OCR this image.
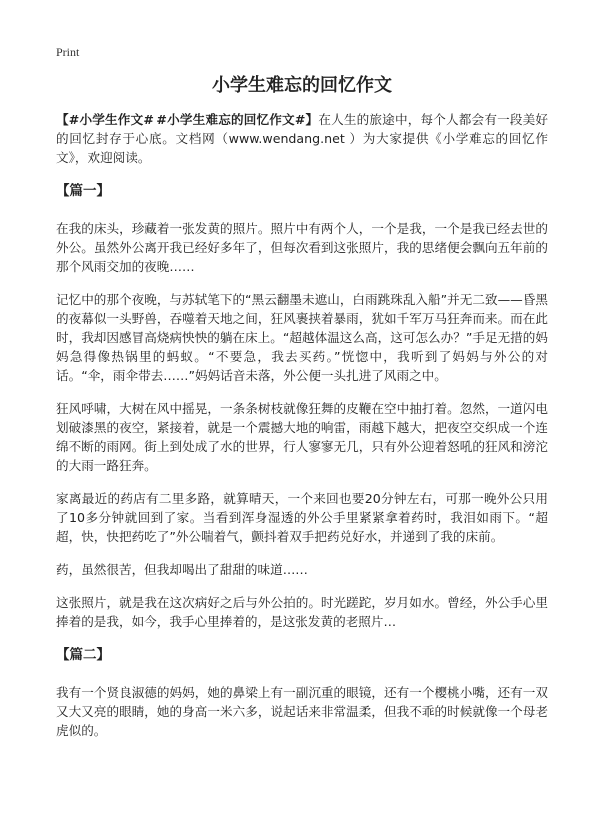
Print
小学生难忘的回忆作文

【#小学生作文# #小学生难忘的回忆作文#】在人生的旅途中，每个人都会有一段美好的回忆封存于心底。文档网（www.wendang.net ）为大家提供《小学难忘的回忆作文》，欢迎阅读。

【篇一】

在我的床头，珍藏着一张发黄的照片。照片中有两个人，一个是我，一个是我已经去世的外公。虽然外公离开我已经好多年了，但每次看到这张照片，我的思绪便会飘向五年前的那个风雨交加的夜晚……

记忆中的那个夜晚，与苏轼笔下的“黑云翻墨未遮山，白雨跳珠乱入船”并无二致——昏黑的夜幕似一头野兽，吞噬着天地之间，狂风裹挟着暴雨，犹如千军万马狂奔而来。而在此时，我却因感冒高烧病怏怏的躺在床上。“超越体温这么高，这可怎么办？”手足无措的妈妈急得像热锅里的蚂蚁。“不要急，我去买药。”恍惚中，我听到了妈妈与外公的对话。“伞，雨伞带去……”妈妈话音未落，外公便一头扎进了风雨之中。

狂风呼啸，大树在风中摇晃，一条条树枝就像狂舞的皮鞭在空中抽打着。忽然，一道闪电划破漆黑的夜空，紧接着，就是一个震撼大地的响雷，雨越下越大，把夜空交织成一个连绵不断的雨网。街上到处成了水的世界，行人寥寥无几，只有外公迎着怒吼的狂风和滂沱的大雨一路狂奔。

家离最近的药店有二里多路，就算晴天，一个来回也要20分钟左右，可那一晚外公只用了10多分钟就回到了家。当看到浑身湿透的外公手里紧紧拿着药时，我泪如雨下。“超超，快，快把药吃了”外公喘着气，颤抖着双手把药兑好水，并递到了我的床前。

药，虽然很苦，但我却喝出了甜甜的味道……

这张照片，就是我在这次病好之后与外公拍的。时光蹉跎，岁月如水。曾经，外公手心里捧着的是我，如今，我手心里捧着的，是这张发黄的老照片…

【篇二】

我有一个贤良淑德的妈妈，她的鼻梁上有一副沉重的眼镜，还有一个樱桃小嘴，还有一双又大又亮的眼睛，她的身高一米六多，说起话来非常温柔，但我不乖的时候就像一个母老虎似的。
